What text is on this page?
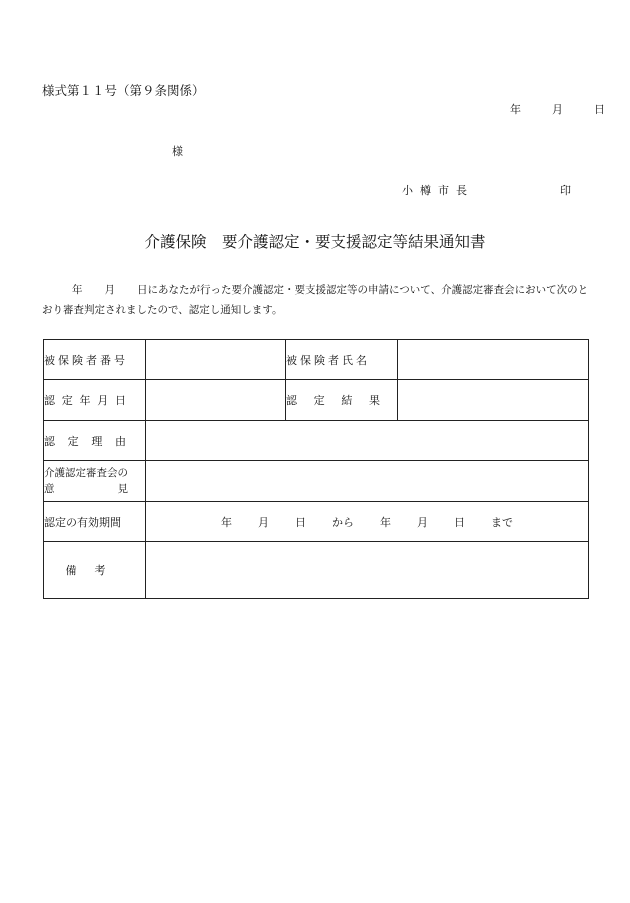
様式第１１号（第９条関係）
年	月	日
様
小樽市長	印
介護保険　要介護認定・要支援認定等結果通知書
年 月 日にあなたが行った要介護認定・要支援認定等の申請について、介護認定審査会において次のとおり審査判定されましたので、認定し通知します。
被保険者番号		被保険者氏名	

認 定 年 月 日		認 定 結 果	

認 定 理 由			

介護認定審査会の
意 見			

認定の有効期間	年 月 日 から 年 月 日 まで		
備考			
